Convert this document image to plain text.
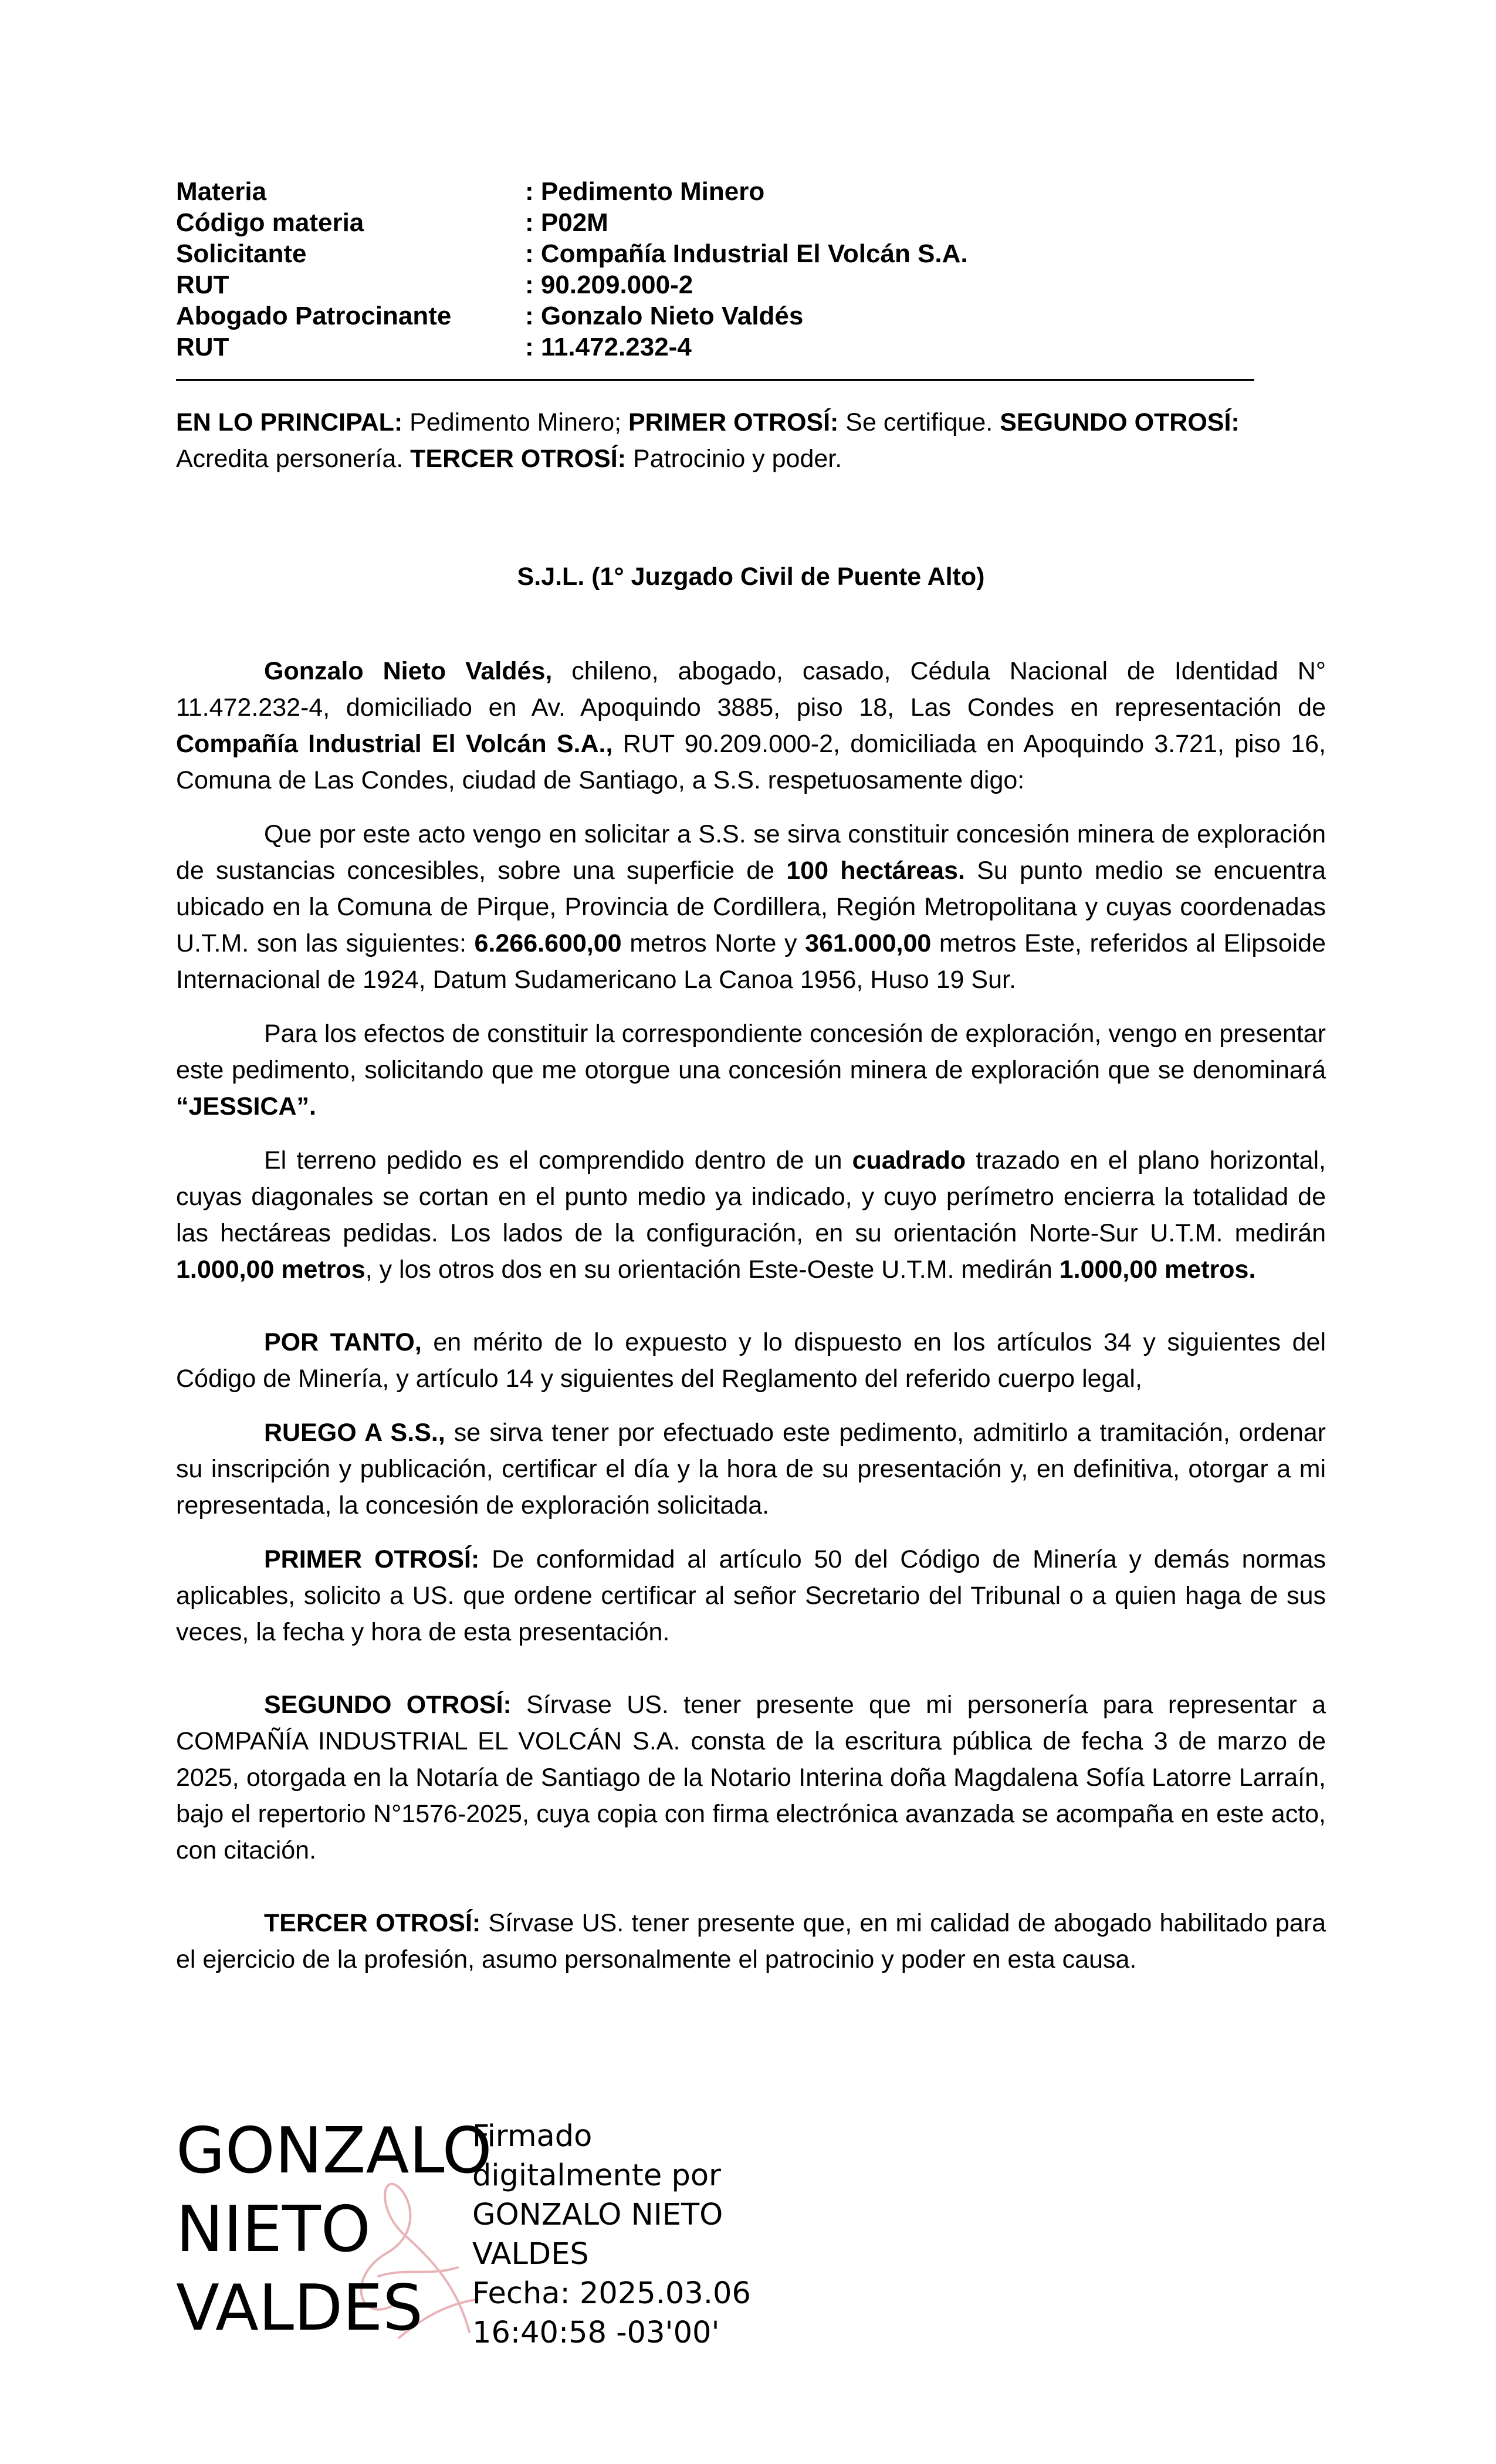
Materia	: Pedimento Minero
Código materia	: P02M
Solicitante	: Compañía Industrial El Volcán S.A.
RUT	: 90.209.000-2
Abogado Patrocinante	: Gonzalo Nieto Valdés
RUT	: 11.472.232-4

EN LO PRINCIPAL: Pedimento Minero; PRIMER OTROSÍ: Se certifique. SEGUNDO OTROSÍ: Acredita personería. TERCER OTROSÍ: Patrocinio y poder.

S.J.L. (1° Juzgado Civil de Puente Alto)

Gonzalo Nieto Valdés, chileno, abogado, casado, Cédula Nacional de Identidad N° 11.472.232-4, domiciliado en Av. Apoquindo 3885, piso 18, Las Condes en representación de Compañía Industrial El Volcán S.A., RUT 90.209.000-2, domiciliada en Apoquindo 3.721, piso 16, Comuna de Las Condes, ciudad de Santiago, a S.S. respetuosamente digo:

Que por este acto vengo en solicitar a S.S. se sirva constituir concesión minera de exploración de sustancias concesibles, sobre una superficie de 100 hectáreas. Su punto medio se encuentra ubicado en la Comuna de Pirque, Provincia de Cordillera, Región Metropolitana y cuyas coordenadas U.T.M. son las siguientes: 6.266.600,00 metros Norte y 361.000,00 metros Este, referidos al Elipsoide Internacional de 1924, Datum Sudamericano La Canoa 1956, Huso 19 Sur.

Para los efectos de constituir la correspondiente concesión de exploración, vengo en presentar este pedimento, solicitando que me otorgue una concesión minera de exploración que se denominará “JESSICA”.

El terreno pedido es el comprendido dentro de un cuadrado trazado en el plano horizontal, cuyas diagonales se cortan en el punto medio ya indicado, y cuyo perímetro encierra la totalidad de las hectáreas pedidas. Los lados de la configuración, en su orientación Norte-Sur U.T.M. medirán 1.000,00 metros, y los otros dos en su orientación Este-Oeste U.T.M. medirán 1.000,00 metros.

POR TANTO, en mérito de lo expuesto y lo dispuesto en los artículos 34 y siguientes del Código de Minería, y artículo 14 y siguientes del Reglamento del referido cuerpo legal,

RUEGO A S.S., se sirva tener por efectuado este pedimento, admitirlo a tramitación, ordenar su inscripción y publicación, certificar el día y la hora de su presentación y, en definitiva, otorgar a mi representada, la concesión de exploración solicitada.

PRIMER OTROSÍ: De conformidad al artículo 50 del Código de Minería y demás normas aplicables, solicito a US. que ordene certificar al señor Secretario del Tribunal o a quien haga de sus veces, la fecha y hora de esta presentación.

SEGUNDO OTROSÍ: Sírvase US. tener presente que mi personería para representar a COMPAÑÍA INDUSTRIAL EL VOLCÁN S.A. consta de la escritura pública de fecha 3 de marzo de 2025, otorgada en la Notaría de Santiago de la Notario Interina doña Magdalena Sofía Latorre Larraín, bajo el repertorio N°1576-2025, cuya copia con firma electrónica avanzada se acompaña en este acto, con citación.

TERCER OTROSÍ: Sírvase US. tener presente que, en mi calidad de abogado habilitado para el ejercicio de la profesión, asumo personalmente el patrocinio y poder en esta causa.

GONZALO
NIETO
VALDES
Firmado
digitalmente por
GONZALO NIETO
VALDES
Fecha: 2025.03.06
16:40:58 -03'00'
